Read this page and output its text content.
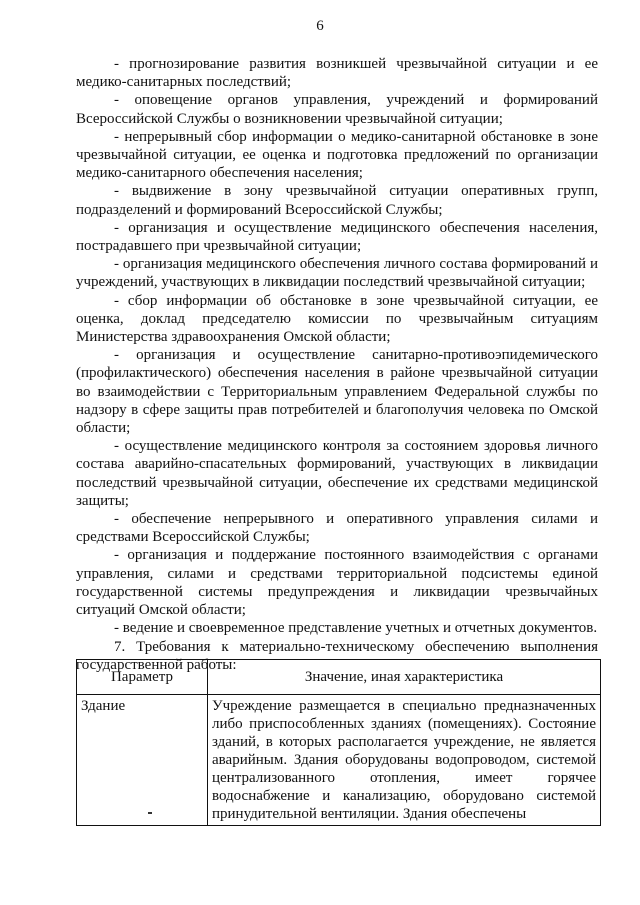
6

- прогнозирование развития возникшей чрезвычайной ситуации и ее медико-санитарных последствий;

- оповещение органов управления, учреждений и формирований Всероссийской Службы о возникновении чрезвычайной ситуации;

- непрерывный сбор информации о медико-санитарной обстановке в зоне чрезвычайной ситуации, ее оценка и подготовка предложений по организации медико-санитарного обеспечения населения;

- выдвижение в зону чрезвычайной ситуации оперативных групп, подразделений и формирований Всероссийской Службы;

- организация и осуществление медицинского обеспечения населения, пострадавшего при чрезвычайной ситуации;

- организация медицинского обеспечения личного состава формирований и учреждений, участвующих в ликвидации последствий чрезвычайной ситуации;

- сбор информации об обстановке в зоне чрезвычайной ситуации, ее оценка, доклад председателю комиссии по чрезвычайным ситуациям Министерства здравоохранения Омской области;

- организация и осуществление санитарно-противоэпидемического (профилактического) обеспечения населения в районе чрезвычайной ситуации во взаимодействии с Территориальным управлением Федеральной службы по надзору в сфере защиты прав потребителей и благополучия человека по Омской области;

- осуществление медицинского контроля за состоянием здоровья личного состава аварийно-спасательных формирований, участвующих в ликвидации последствий чрезвычайной ситуации, обеспечение их средствами медицинской защиты;

- обеспечение непрерывного и оперативного управления силами и средствами Всероссийской Службы;

- организация и поддержание постоянного взаимодействия с органами управления, силами и средствами территориальной подсистемы единой государственной системы предупреждения и ликвидации чрезвычайных ситуаций Омской области;

- ведение и своевременное представление учетных и отчетных документов.

7. Требования к материально-техническому обеспечению выполнения государственной работы:

Параметр	Значение, иная характеристика
Здание	Учреждение размещается в специально предназначенных либо приспособленных зданиях (помещениях). Состояние зданий, в которых располагается учреждение, не является аварийным. Здания оборудованы водопроводом, системой централизованного отопления, имеет горячее водоснабжение и канализацию, оборудовано системой принудительной вентиляции. Здания обеспечены
